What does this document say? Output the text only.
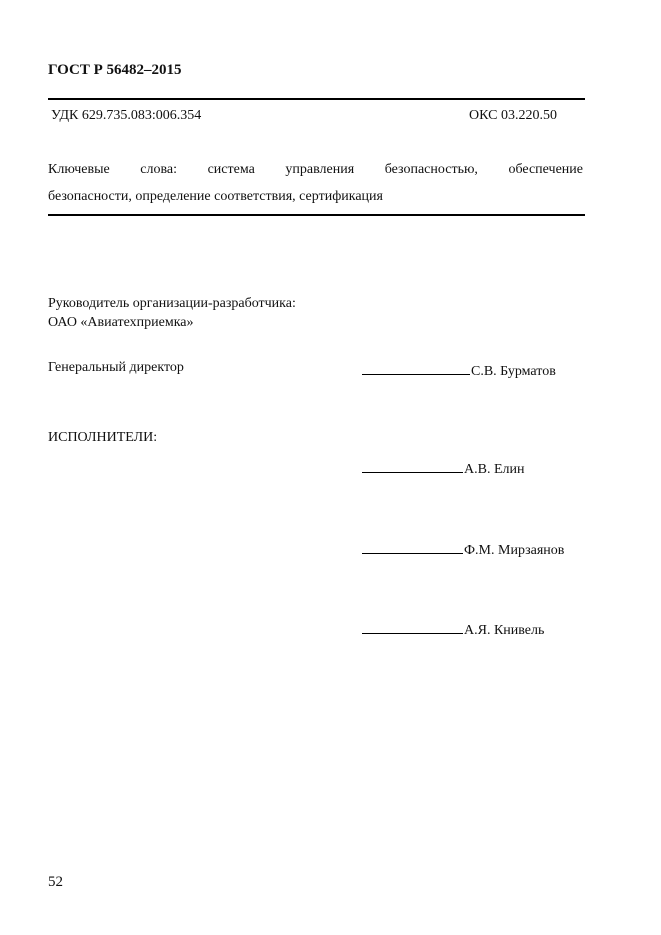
ГОСТ Р 56482–2015
УДК 629.735.083:006.354	ОКС 03.220.50
Ключевые слова: система управления безопасностью, обеспечение
безопасности, определение соответствия, сертификация
Руководитель организации-разработчика:
ОАО «Авиатехприемка»
Генеральный директор	С.В. Бурматов
ИСПОЛНИТЕЛИ:
А.В. Елин
Ф.М. Мирзаянов
А.Я. Книвель
52
